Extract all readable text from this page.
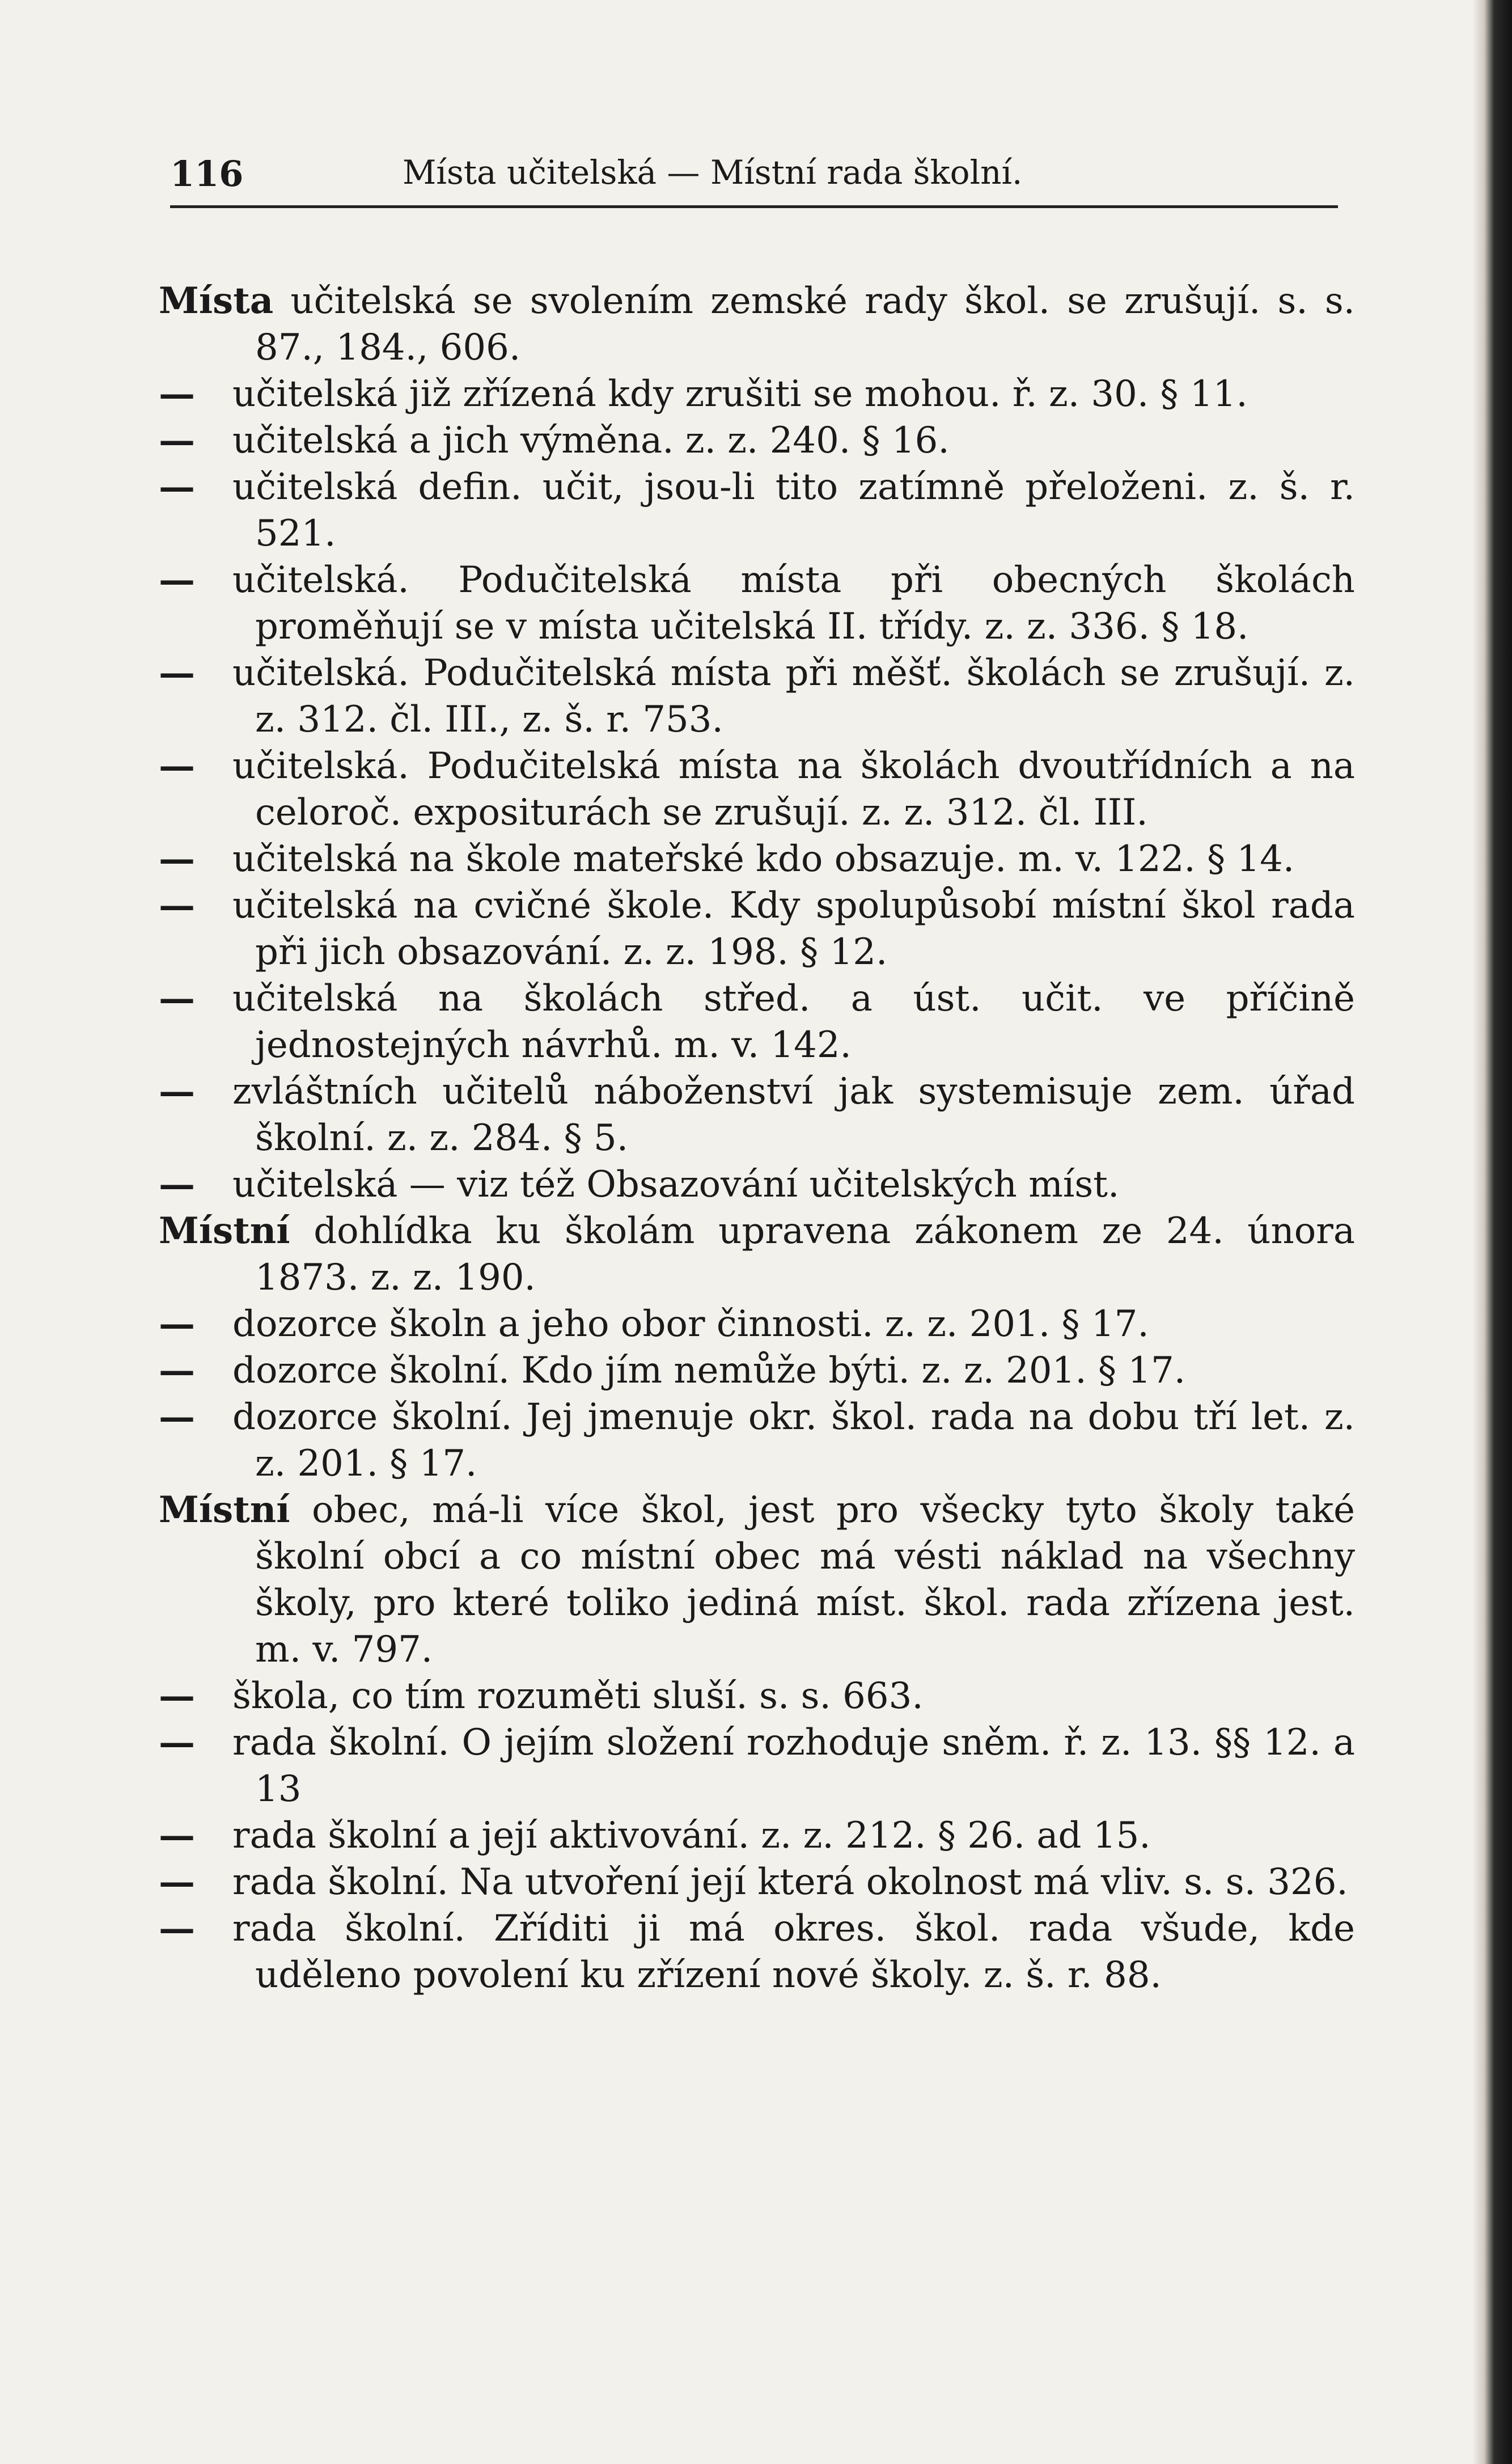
116	Místa učitelská — Místní rada školní.

Místa učitelská se svolením zemské rady škol. se zrušují. s. s. 87., 184., 606.

— učitelská již zřízená kdy zrušiti se mohou. ř. z. 30. § 11.

— učitelská a jich výměna. z. z. 240. § 16.

— učitelská defin. učit, jsou-li tito zatímně přeloženi. z. š. r. 521.

— učitelská. Podučitelská místa při obecných školách proměňují se v místa učitelská II. třídy. z. z. 336. § 18.

— učitelská. Podučitelská místa při měšť. školách se zrušují. z. z. 312. čl. III., z. š. r. 753.

— učitelská. Podučitelská místa na školách dvoutřídních a na celoroč. expositurách se zrušují. z. z. 312. čl. III.

— učitelská na škole mateřské kdo obsazuje. m. v. 122. § 14.

— učitelská na cvičné škole. Kdy spolupůsobí místní škol rada při jich obsazování. z. z. 198. § 12.

— učitelská na školách střed. a úst. učit. ve příčině jednostejných návrhů. m. v. 142.

— zvláštních učitelů náboženství jak systemisuje zem. úřad školní. z. z. 284. § 5.

— učitelská — viz též Obsazování učitelských míst.

Místní dohlídka ku školám upravena zákonem ze 24. února 1873. z. z. 190.

— dozorce školn a jeho obor činnosti. z. z. 201. § 17.

— dozorce školní. Kdo jím nemůže býti. z. z. 201. § 17.

— dozorce školní. Jej jmenuje okr. škol. rada na dobu tří let. z. z. 201. § 17.

Místní obec, má-li více škol, jest pro všecky tyto školy také školní obcí a co místní obec má vésti náklad na všechny školy, pro které toliko jediná míst. škol. rada zřízena jest. m. v. 797.

— škola, co tím rozuměti sluší. s. s. 663.

— rada školní. O jejím složení rozhoduje sněm. ř. z. 13. §§ 12. a 13

— rada školní a její aktivování. z. z. 212. § 26. ad 15.

— rada školní. Na utvoření její která okolnost má vliv. s. s. 326.

— rada školní. Zříditi ji má okres. škol. rada všude, kde uděleno povolení ku zřízení nové školy. z. š. r. 88.
